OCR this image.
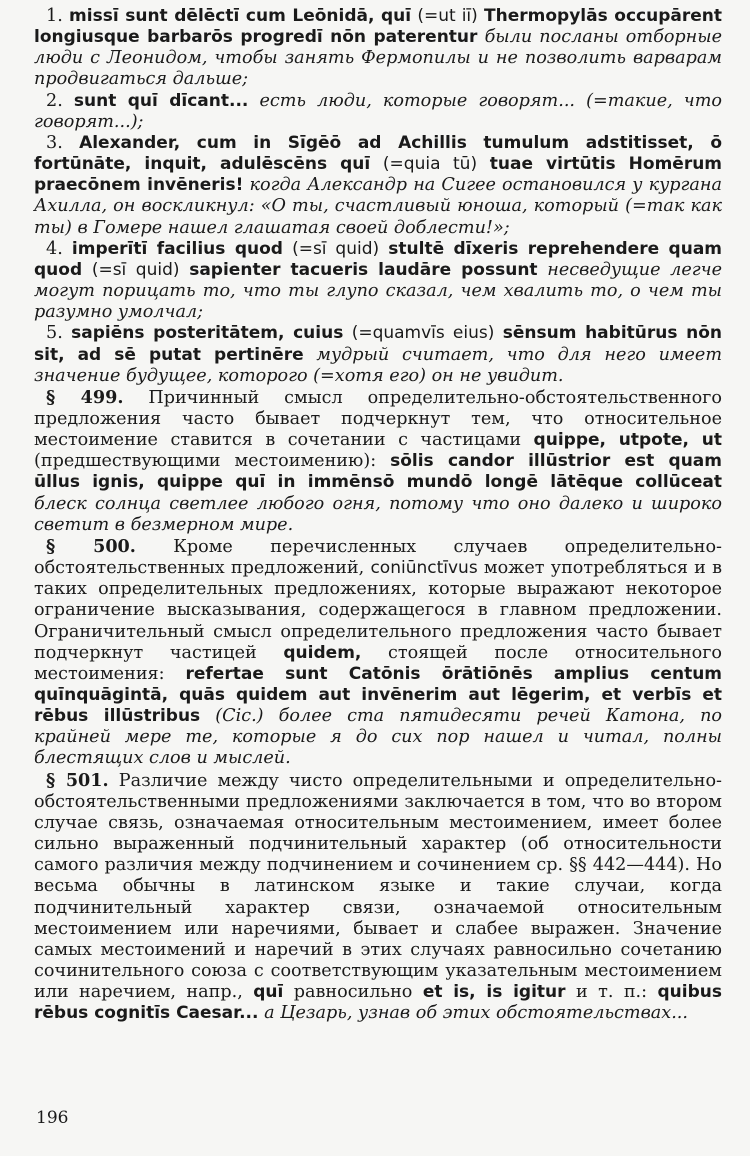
1. missī sunt dēlēctī cum Leōnidā, quī (=ut iī) Thermopylās occupārent longiusque barbarōs progredī nōn paterentur были посланы отборные люди с Леонидом, чтобы занять Фермопилы и не позволить варварам продвигаться дальше;

2. sunt quī dīcant... есть люди, которые говорят... (=такие, что говорят...);

3. Alexander, cum in Sīgēō ad Achillis tumulum adstitisset, ō fortūnāte, inquit, adulēscēns quī (=quia tū) tuae virtūtis Homērum praecōnem invēneris! когда Александр на Сигее остановился у кургана Ахилла, он воскликнул: «О ты, счастливый юноша, который (=так как ты) в Гомере нашел глашатая своей доблести!»;

4. imperītī facilius quod (=sī quid) stultē dīxeris reprehendere quam quod (=sī quid) sapienter tacueris laudāre possunt несведущие легче могут порицать то, что ты глупо сказал, чем хвалить то, о чем ты разумно умолчал;

5. sapiēns posteritātem, cuius (=quamvīs eius) sēnsum habitūrus nōn sit, ad sē putat pertinēre мудрый считает, что для него имеет значение будущее, которого (=хотя его) он не увидит.

§ 499. Причинный смысл определительно-обстоятельственного предложения часто бывает подчеркнут тем, что относительное местоимение ставится в сочетании с частицами quippe, utpote, ut (предшествующими местоимению): sōlis candor illūstrior est quam ūllus ignis, quippe quī in immēnsō mundō longē lātēque collūceat блеск солнца светлее любого огня, потому что оно далеко и широко светит в безмерном мире.

§ 500. Кроме перечисленных случаев определительно-обстоятельственных предложений, coniūnctīvus может употребляться и в таких определительных предложениях, которые выражают некоторое ограничение высказывания, содержащегося в главном предложении. Ограничительный смысл определительного предложения часто бывает подчеркнут частицей quidem, стоящей после относительного местоимения: refertae sunt Catōnis ōrātiōnēs amplius centum quīnquāgintā, quās quidem aut invēnerim aut lēgerim, et verbīs et rēbus illūstribus (Cic.) более ста пятидесяти речей Катона, по крайней мере те, которые я до сих пор нашел и читал, полны блестящих слов и мыслей.

§ 501. Различие между чисто определительными и определительно-обстоятельственными предложениями заключается в том, что во втором случае связь, означаемая относительным местоимением, имеет более сильно выраженный подчинительный характер (об относительности самого различия между подчинением и сочинением ср. §§ 442—444). Но весьма обычны в латинском языке и такие случаи, когда подчинительный характер связи, означаемой относительным местоимением или наречиями, бывает и слабее выражен. Значение самых местоимений и наречий в этих случаях равносильно сочетанию сочинительного союза с соответствующим указательным местоимением или наречием, напр., quī равносильно et is, is igitur и т. п.: quibus rēbus cognitīs Caesar... а Цезарь, узнав об этих обстоятельствах...

196
